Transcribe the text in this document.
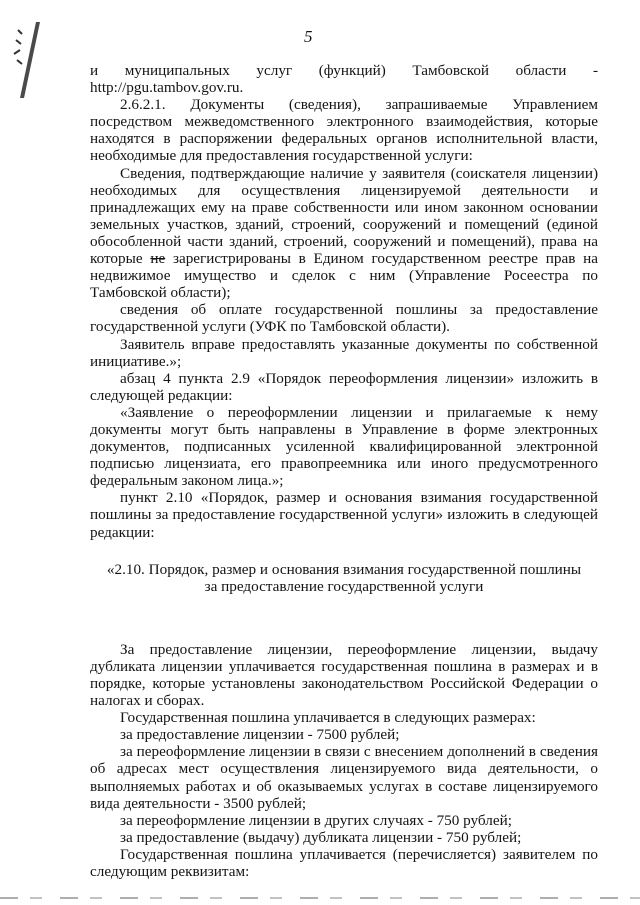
5

и муниципальных услуг (функций) Тамбовской области - http://pgu.tambov.gov.ru.

2.6.2.1. Документы (сведения), запрашиваемые Управлением посредством межведомственного электронного взаимодействия, которые находятся в распоряжении федеральных органов исполнительной власти, необходимые для предоставления государственной услуги:

Сведения, подтверждающие наличие у заявителя (соискателя лицензии) необходимых для осуществления лицензируемой деятельности и принадлежащих ему на праве собственности или ином законном основании земельных участков, зданий, строений, сооружений и помещений (единой обособленной части зданий, строений, сооружений и помещений), права на которые не зарегистрированы в Едином государственном реестре прав на недвижимое имущество и сделок с ним (Управление Росеестра по Тамбовской области);

сведения об оплате государственной пошлины за предоставление государственной услуги (УФК по Тамбовской области).

Заявитель вправе предоставлять указанные документы по собственной инициативе.»;

абзац 4 пункта 2.9 «Порядок переоформления лицензии» изложить в следующей редакции:

«Заявление о переоформлении лицензии и прилагаемые к нему документы могут быть направлены в Управление в форме электронных документов, подписанных усиленной квалифицированной электронной подписью лицензиата, его правопреемника или иного предусмотренного федеральным законом лица.»;

пункт 2.10 «Порядок, размер и основания взимания государственной пошлины за предоставление государственной услуги» изложить в следующей редакции:

«2.10. Порядок, размер и основания взимания государственной пошлины за предоставление государственной услуги

За предоставление лицензии, переоформление лицензии, выдачу дубликата лицензии уплачивается государственная пошлина в размерах и в порядке, которые установлены законодательством Российской Федерации о налогах и сборах.

Государственная пошлина уплачивается в следующих размерах:

за предоставление лицензии - 7500 рублей;

за переоформление лицензии в связи с внесением дополнений в сведения об адресах мест осуществления лицензируемого вида деятельности, о выполняемых работах и об оказываемых услугах в составе лицензируемого вида деятельности - 3500 рублей;

за переоформление лицензии в других случаях - 750 рублей;

за предоставление (выдачу) дубликата лицензии - 750 рублей;

Государственная пошлина уплачивается (перечисляется) заявителем по следующим реквизитам:
